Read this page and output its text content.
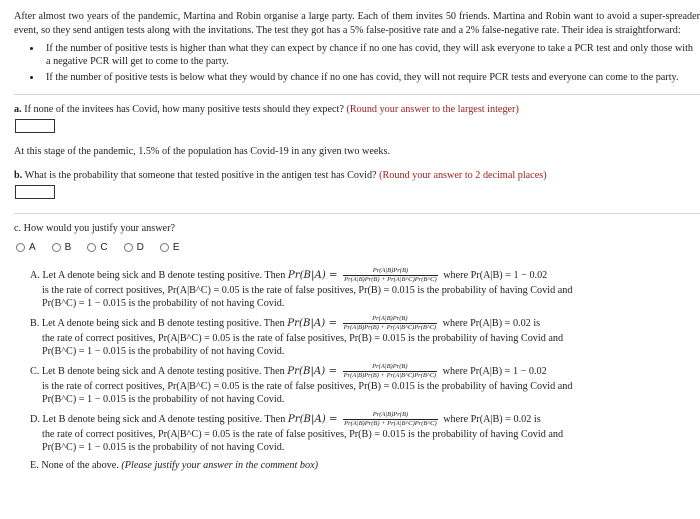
After almost two years of the pandemic, Martina and Robin organise a large party. Each of them invites 50 friends. Martina and Robin want to avoid a super-spreader event, so they send antigen tests along with the invitations. The test they got has a 5% false-positive rate and a 2% false-negative rate. Their idea is straightforward:

• If the number of positive tests is higher than what they can expect by chance if no one has covid, they will ask everyone to take a PCR test and only those with a negative PCR will get to come to the party.
• If the number of positive tests is below what they would by chance if no one has covid, they will not require PCR tests and everyone can come to the party.

a. If none of the invitees has Covid, how many positive tests should they expect? (Round your answer to the largest integer)

At this stage of the pandemic, 1.5% of the population has Covid-19 in any given two weeks.

b. What is the probability that someone that tested positive in the antigen test has Covid? (Round your answer to 2 decimal places)

c. How would you justify your answer?

A	B	C	D	E
A. Let A denote being sick and B denote testing positive. Then $Pr(B|A) = \frac{Pr(A|B)Pr(B)}{Pr(A|B)Pr(B) + Pr(A|B\^{}C)Pr(B\^{}C)}$ where Pr(A|B) = 1 − 0.02
is the rate of correct positives, Pr(A|B^C) = 0.05 is the rate of false positives, Pr(B) = 0.015 is the probability of having Covid and
Pr(B^C) = 1 − 0.015 is the probability of not having Covid.
B. Let A denote being sick and B denote testing positive. Then $Pr(B|A) = \frac{Pr(A|B)Pr(B)}{Pr(A|B)Pr(B) + Pr(A|B\^{}C)Pr(B\^{}C)}$ where Pr(A|B) = 0.02 is
the rate of correct positives, Pr(A|B^C) = 0.05 is the rate of false positives, Pr(B) = 0.015 is the probability of having Covid and
Pr(B^C) = 1 − 0.015 is the probability of not having Covid.
C. Let B denote being sick and A denote testing positive. Then $Pr(B|A) = \frac{Pr(A|B)Pr(B)}{Pr(A|B)Pr(B) + Pr(A|B\^{}C)Pr(B\^{}C)}$ where Pr(A|B) = 1 − 0.02
is the rate of correct positives, Pr(A|B^C) = 0.05 is the rate of false positives, Pr(B) = 0.015 is the probability of having Covid and
Pr(B^C) = 1 − 0.015 is the probability of not having Covid.
D. Let B denote being sick and A denote testing positive. Then $Pr(B|A) = \frac{Pr(A|B)Pr(B)}{Pr(A|B)Pr(B) + Pr(A|B\^{}C)Pr(B\^{}C)}$ where Pr(A|B) = 0.02 is
the rate of correct positives, Pr(A|B^C) = 0.05 is the rate of false positives, Pr(B) = 0.015 is the probability of having Covid and
Pr(B^C) = 1 − 0.015 is the probability of not having Covid.
E. None of the above. (Please justify your answer in the comment box)
